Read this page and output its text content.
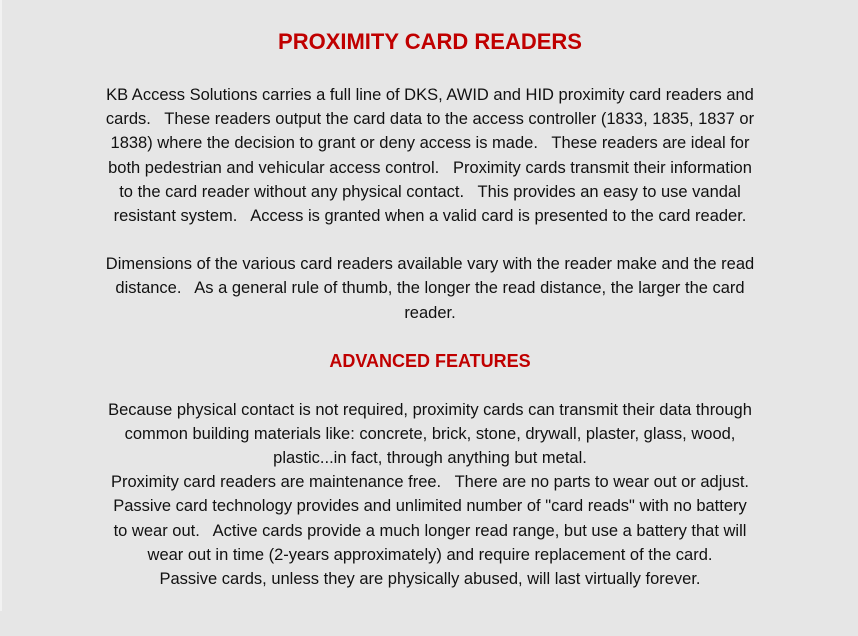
PROXIMITY CARD READERS
KB Access Solutions carries a full line of DKS, AWID and HID proximity card readers and
cards.   These readers output the card data to the access controller (1833, 1835, 1837 or
1838) where the decision to grant or deny access is made.   These readers are ideal for
both pedestrian and vehicular access control.   Proximity cards transmit their information
to the card reader without any physical contact.   This provides an easy to use vandal
resistant system.   Access is granted when a valid card is presented to the card reader.
Dimensions of the various card readers available vary with the reader make and the read
distance.   As a general rule of thumb, the longer the read distance, the larger the card
reader.
ADVANCED FEATURES
Because physical contact is not required, proximity cards can transmit their data through
common building materials like: concrete, brick, stone, drywall, plaster, glass, wood,
plastic...in fact, through anything but metal.
Proximity card readers are maintenance free.   There are no parts to wear out or adjust.
Passive card technology provides and unlimited number of "card reads" with no battery
to wear out.   Active cards provide a much longer read range, but use a battery that will
wear out in time (2-years approximately) and require replacement of the card.
Passive cards, unless they are physically abused, will last virtually forever.
